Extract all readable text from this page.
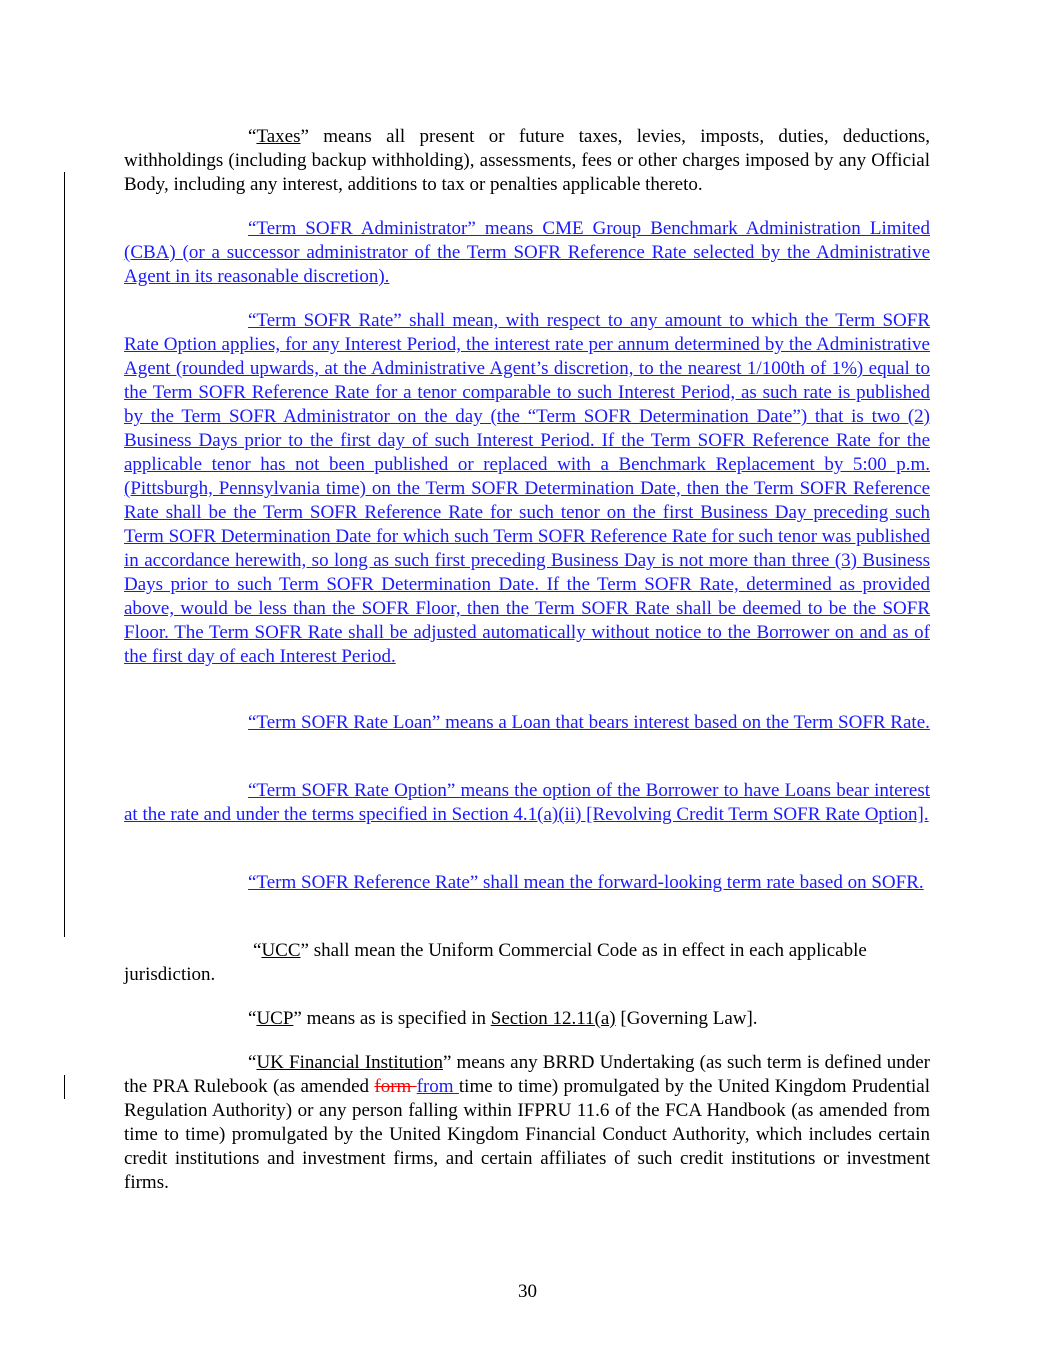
“Taxes” means all present or future taxes, levies, imposts, duties, deductions, withholdings (including backup withholding), assessments, fees or other charges imposed by any Official Body, including any interest, additions to tax or penalties applicable thereto.

“Term SOFR Administrator” means CME Group Benchmark Administration Limited (CBA) (or a successor administrator of the Term SOFR Reference Rate selected by the Administrative Agent in its reasonable discretion).

“Term SOFR Rate” shall mean, with respect to any amount to which the Term SOFR Rate Option applies, for any Interest Period, the interest rate per annum determined by the Administrative Agent (rounded upwards, at the Administrative Agent’s discretion, to the nearest 1/100th of 1%) equal to the Term SOFR Reference Rate for a tenor comparable to such Interest Period, as such rate is published by the Term SOFR Administrator on the day (the “Term SOFR Determination Date”) that is two (2) Business Days prior to the first day of such Interest Period. If the Term SOFR Reference Rate for the applicable tenor has not been published or replaced with a Benchmark Replacement by 5:00 p.m. (Pittsburgh, Pennsylvania time) on the Term SOFR Determination Date, then the Term SOFR Reference Rate shall be the Term SOFR Reference Rate for such tenor on the first Business Day preceding such Term SOFR Determination Date for which such Term SOFR Reference Rate for such tenor was published in accordance herewith, so long as such first preceding Business Day is not more than three (3) Business Days prior to such Term SOFR Determination Date. If the Term SOFR Rate, determined as provided above, would be less than the SOFR Floor, then the Term SOFR Rate shall be deemed to be the SOFR Floor. The Term SOFR Rate shall be adjusted automatically without notice to the Borrower on and as of the first day of each Interest Period.

“Term SOFR Rate Loan” means a Loan that bears interest based on the Term SOFR Rate.

“Term SOFR Rate Option” means the option of the Borrower to have Loans bear interest at the rate and under the terms specified in Section 4.1(a)(ii) [Revolving Credit Term SOFR Rate Option].

“Term SOFR Reference Rate” shall mean the forward-looking term rate based on SOFR.

“UCC” shall mean the Uniform Commercial Code as in effect in each applicable jurisdiction.

“UCP” means as is specified in Section 12.11(a) [Governing Law].

“UK Financial Institution” means any BRRD Undertaking (as such term is defined under the PRA Rulebook (as amended form from time to time) promulgated by the United Kingdom Prudential Regulation Authority) or any person falling within IFPRU 11.6 of the FCA Handbook (as amended from time to time) promulgated by the United Kingdom Financial Conduct Authority, which includes certain credit institutions and investment firms, and certain affiliates of such credit institutions or investment firms.

30
